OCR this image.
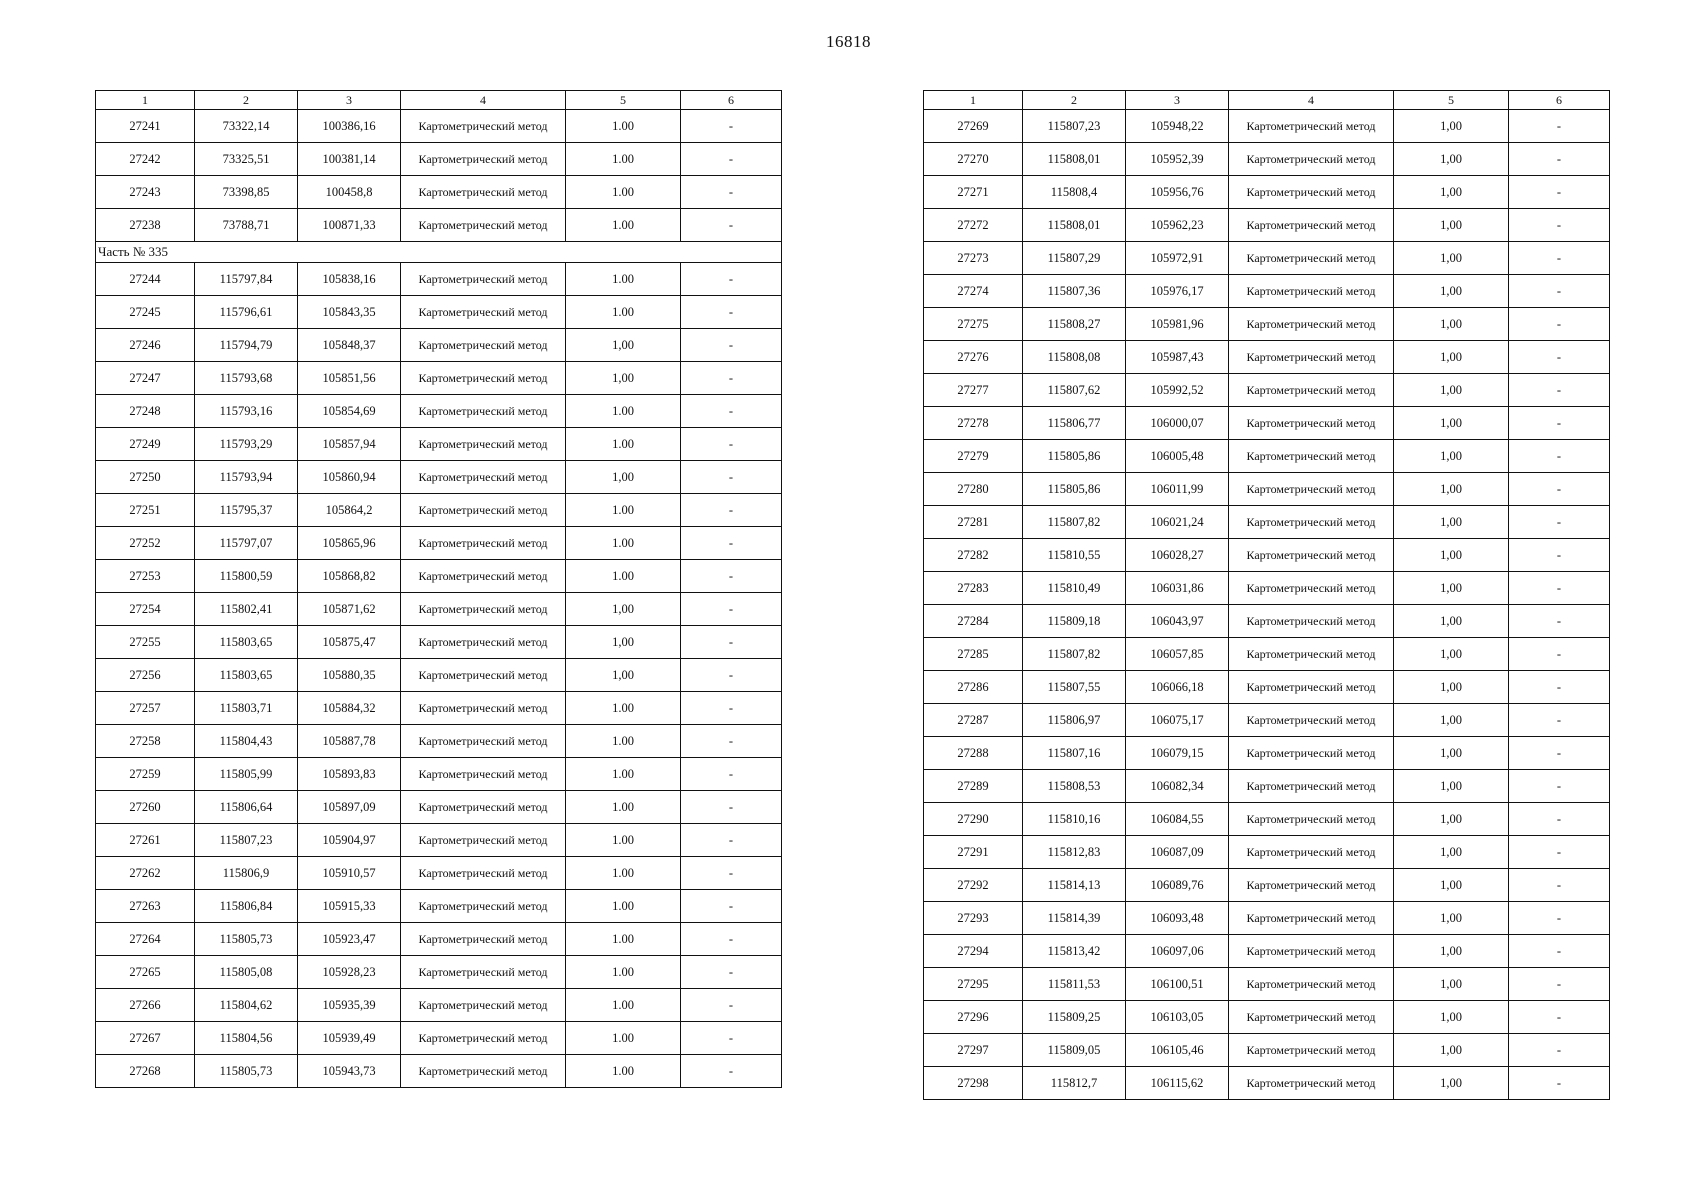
16818
1	2	3	4	5	6
27241	73322,14	100386,16	Картометрический метод	1.00	-
27242	73325,51	100381,14	Картометрический метод	1.00	-
27243	73398,85	100458,8	Картометрический метод	1.00	-
27238	73788,71	100871,33	Картометрический метод	1.00	-
Часть № 335					
27244	115797,84	105838,16	Картометрический метод	1.00	-
27245	115796,61	105843,35	Картометрический метод	1.00	-
27246	115794,79	105848,37	Картометрический метод	1,00	-
27247	115793,68	105851,56	Картометрический метод	1,00	-
27248	115793,16	105854,69	Картометрический метод	1.00	-
27249	115793,29	105857,94	Картометрический метод	1.00	-
27250	115793,94	105860,94	Картометрический метод	1,00	-
27251	115795,37	105864,2	Картометрический метод	1.00	-
27252	115797,07	105865,96	Картометрический метод	1.00	-
27253	115800,59	105868,82	Картометрический метод	1.00	-
27254	115802,41	105871,62	Картометрический метод	1,00	-
27255	115803,65	105875,47	Картометрический метод	1,00	-
27256	115803,65	105880,35	Картометрический метод	1,00	-
27257	115803,71	105884,32	Картометрический метод	1.00	-
27258	115804,43	105887,78	Картометрический метод	1.00	-
27259	115805,99	105893,83	Картометрический метод	1.00	-
27260	115806,64	105897,09	Картометрический метод	1.00	-
27261	115807,23	105904,97	Картометрический метод	1.00	-
27262	115806,9	105910,57	Картометрический метод	1.00	-
27263	115806,84	105915,33	Картометрический метод	1.00	-
27264	115805,73	105923,47	Картометрический метод	1.00	-
27265	115805,08	105928,23	Картометрический метод	1.00	-
27266	115804,62	105935,39	Картометрический метод	1.00	-
27267	115804,56	105939,49	Картометрический метод	1.00	-
27268	115805,73	105943,73	Картометрический метод	1.00	-
1	2	3	4	5	6
27269	115807,23	105948,22	Картометрический метод	1,00	-
27270	115808,01	105952,39	Картометрический метод	1,00	-
27271	115808,4	105956,76	Картометрический метод	1,00	-
27272	115808,01	105962,23	Картометрический метод	1,00	-
27273	115807,29	105972,91	Картометрический метод	1,00	-
27274	115807,36	105976,17	Картометрический метод	1,00	-
27275	115808,27	105981,96	Картометрический метод	1,00	-
27276	115808,08	105987,43	Картометрический метод	1,00	-
27277	115807,62	105992,52	Картометрический метод	1,00	-
27278	115806,77	106000,07	Картометрический метод	1,00	-
27279	115805,86	106005,48	Картометрический метод	1,00	-
27280	115805,86	106011,99	Картометрический метод	1,00	-
27281	115807,82	106021,24	Картометрический метод	1,00	-
27282	115810,55	106028,27	Картометрический метод	1,00	-
27283	115810,49	106031,86	Картометрический метод	1,00	-
27284	115809,18	106043,97	Картометрический метод	1,00	-
27285	115807,82	106057,85	Картометрический метод	1,00	-
27286	115807,55	106066,18	Картометрический метод	1,00	-
27287	115806,97	106075,17	Картометрический метод	1,00	-
27288	115807,16	106079,15	Картометрический метод	1,00	-
27289	115808,53	106082,34	Картометрический метод	1,00	-
27290	115810,16	106084,55	Картометрический метод	1,00	-
27291	115812,83	106087,09	Картометрический метод	1,00	-
27292	115814,13	106089,76	Картометрический метод	1,00	-
27293	115814,39	106093,48	Картометрический метод	1,00	-
27294	115813,42	106097,06	Картометрический метод	1,00	-
27295	115811,53	106100,51	Картометрический метод	1,00	-
27296	115809,25	106103,05	Картометрический метод	1,00	-
27297	115809,05	106105,46	Картометрический метод	1,00	-
27298	115812,7	106115,62	Картометрический метод	1,00	-
